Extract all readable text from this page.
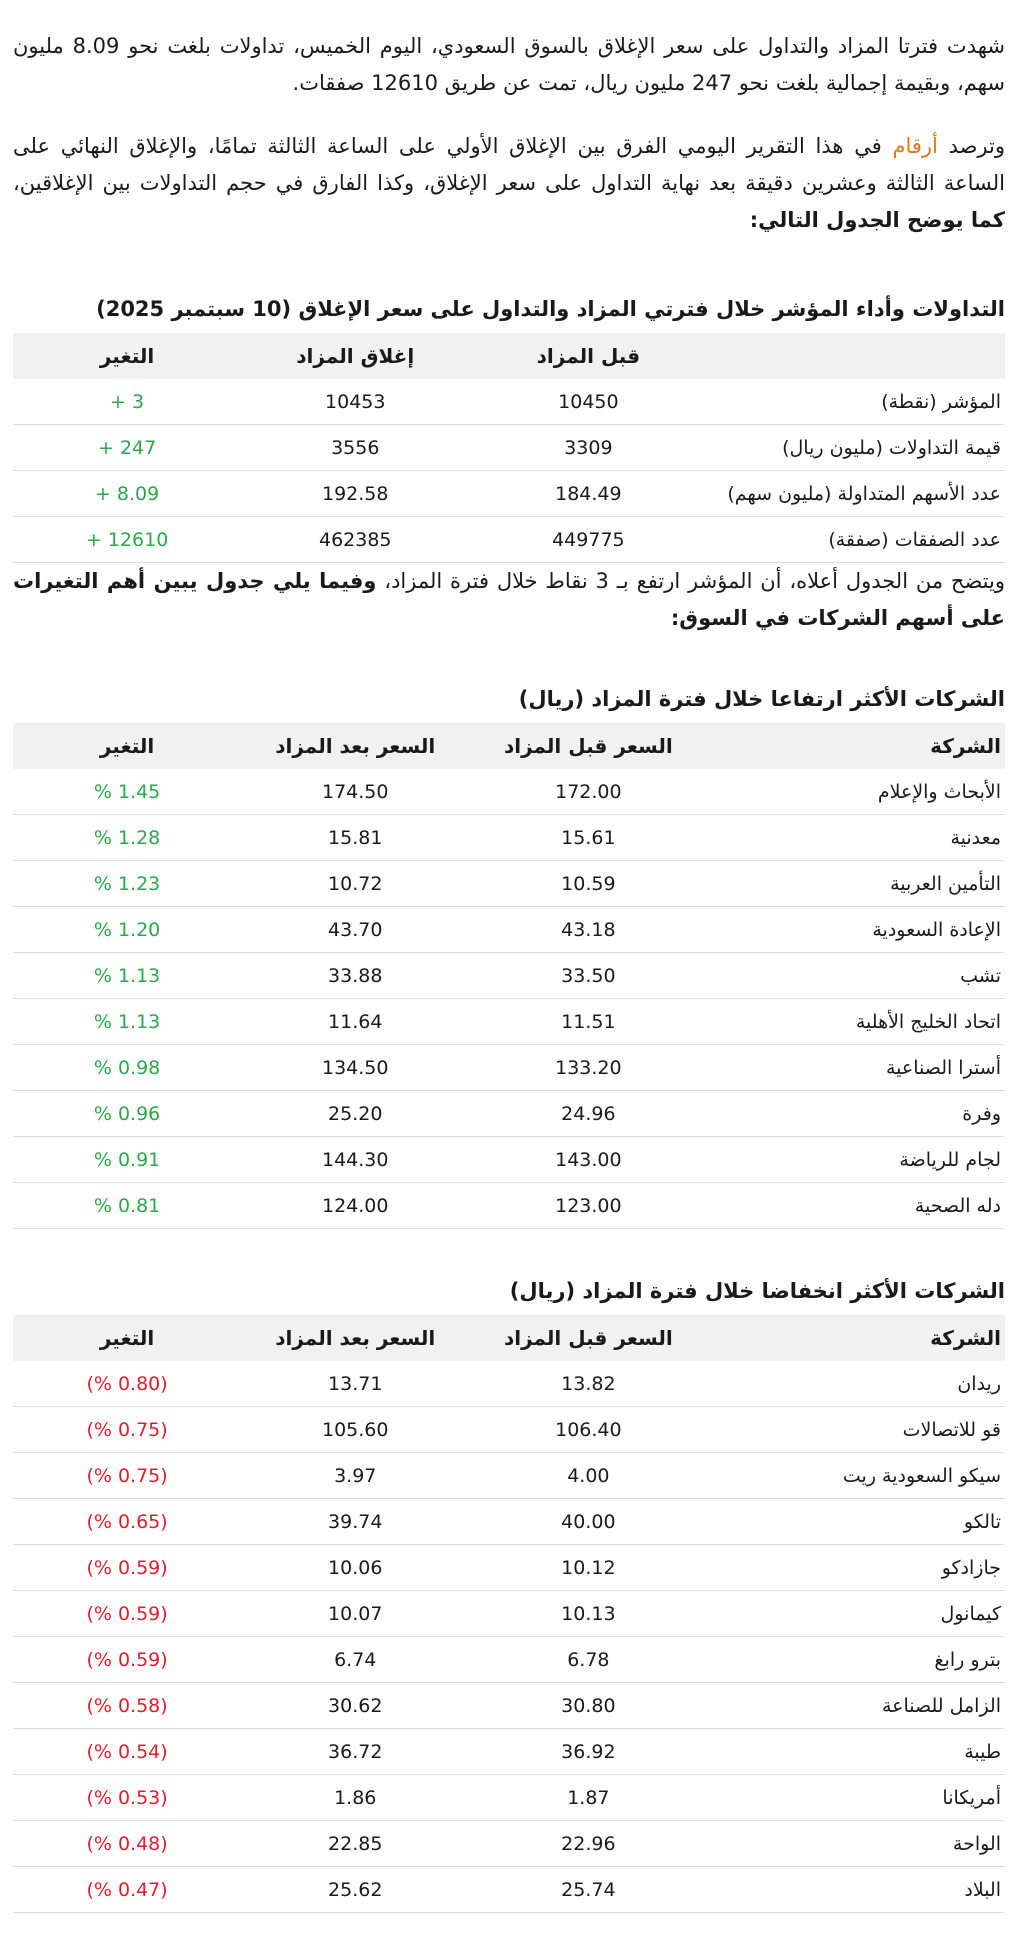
شهدت فترتا المزاد والتداول على سعر الإغلاق بالسوق السعودي، اليوم الخميس، تداولات بلغت نحو 8.09 مليون سهم، وبقيمة إجمالية بلغت نحو 247 مليون ريال، تمت عن طريق 12610 صفقات.

وترصد أرقام في هذا التقرير اليومي الفرق بين الإغلاق الأولي على الساعة الثالثة تمامًا، والإغلاق النهائي على الساعة الثالثة وعشرين دقيقة بعد نهاية التداول على سعر الإغلاق، وكذا الفارق في حجم التداولات بين الإغلاقين، كما يوضح الجدول التالي:

التداولات وأداء المؤشر خلال فترتي المزاد والتداول على سعر الإغلاق (10 سبتمبر 2025)
	قبل المزاد	إغلاق المزاد	التغير
المؤشر (نقطة)	10450	10453	3 +
قيمة التداولات (مليون ريال)	3309	3556	247 +
عدد الأسهم المتداولة (مليون سهم)	184.49	192.58	8.09 +
عدد الصفقات (صفقة)	449775	462385	12610 +

ويتضح من الجدول أعلاه، أن المؤشر ارتفع بـ 3 نقاط خلال فترة المزاد، وفيما يلي جدول يبين أهم التغيرات على أسهم الشركات في السوق:

الشركات الأكثر ارتفاعا خلال فترة المزاد (ريال)
الشركة	السعر قبل المزاد	السعر بعد المزاد	التغير
الأبحاث والإعلام	172.00	174.50	1.45 %
معدنية	15.61	15.81	1.28 %
التأمين العربية	10.59	10.72	1.23 %
الإعادة السعودية	43.18	43.70	1.20 %
تشب	33.50	33.88	1.13 %
اتحاد الخليج الأهلية	11.51	11.64	1.13 %
أسترا الصناعية	133.20	134.50	0.98 %
وفرة	24.96	25.20	0.96 %
لجام للرياضة	143.00	144.30	0.91 %
دله الصحية	123.00	124.00	0.81 %
الشركات الأكثر انخفاضا خلال فترة المزاد (ريال)
الشركة	السعر قبل المزاد	السعر بعد المزاد	التغير
ريدان	13.82	13.71	(0.80 %)
قو للاتصالات	106.40	105.60	(0.75 %)
سيكو السعودية ريت	4.00	3.97	(0.75 %)
تالكو	40.00	39.74	(0.65 %)
جازادكو	10.12	10.06	(0.59 %)
كيمانول	10.13	10.07	(0.59 %)
بترو رابغ	6.78	6.74	(0.59 %)
الزامل للصناعة	30.80	30.62	(0.58 %)
طيبة	36.92	36.72	(0.54 %)
أمريكانا	1.87	1.86	(0.53 %)
الواحة	22.96	22.85	(0.48 %)
البلاد	25.74	25.62	(0.47 %)
